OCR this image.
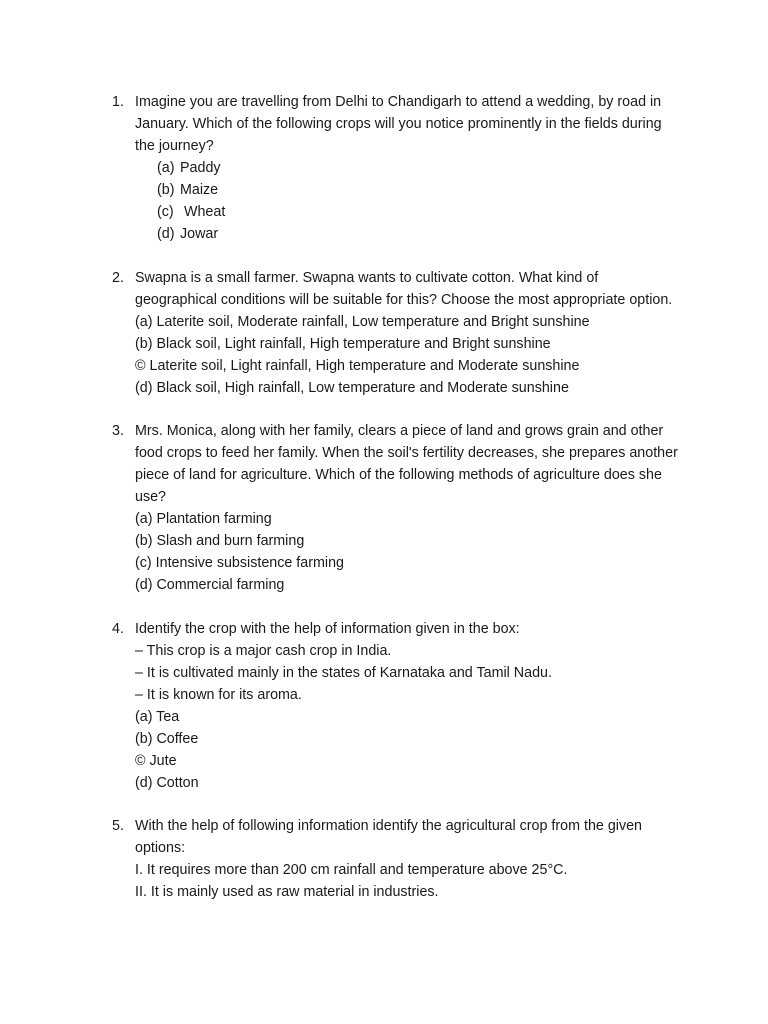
1. Imagine you are travelling from Delhi to Chandigarh to attend a wedding, by road in January. Which of the following crops will you notice prominently in the fields during the journey?

(a) Paddy
(b) Maize
(c) Wheat
(d) Jowar
2. Swapna is a small farmer. Swapna wants to cultivate cotton. What kind of geographical conditions will be suitable for this? Choose the most appropriate option.

(a) Laterite soil, Moderate rainfall, Low temperature and Bright sunshine
(b) Black soil, Light rainfall, High temperature and Bright sunshine
© Laterite soil, Light rainfall, High temperature and Moderate sunshine
(d) Black soil, High rainfall, Low temperature and Moderate sunshine
3. Mrs. Monica, along with her family, clears a piece of land and grows grain and other food crops to feed her family. When the soil's fertility decreases, she prepares another piece of land for agriculture. Which of the following methods of agriculture does she use?

(a) Plantation farming
(b) Slash and burn farming
(c) Intensive subsistence farming
(d) Commercial farming
4. Identify the crop with the help of information given in the box:

– This crop is a major cash crop in India.
– It is cultivated mainly in the states of Karnataka and Tamil Nadu.
– It is known for its aroma.
(a) Tea
(b) Coffee
© Jute
(d) Cotton
5. With the help of following information identify the agricultural crop from the given options:

I. It requires more than 200 cm rainfall and temperature above 25°C.
II. It is mainly used as raw material in industries.
